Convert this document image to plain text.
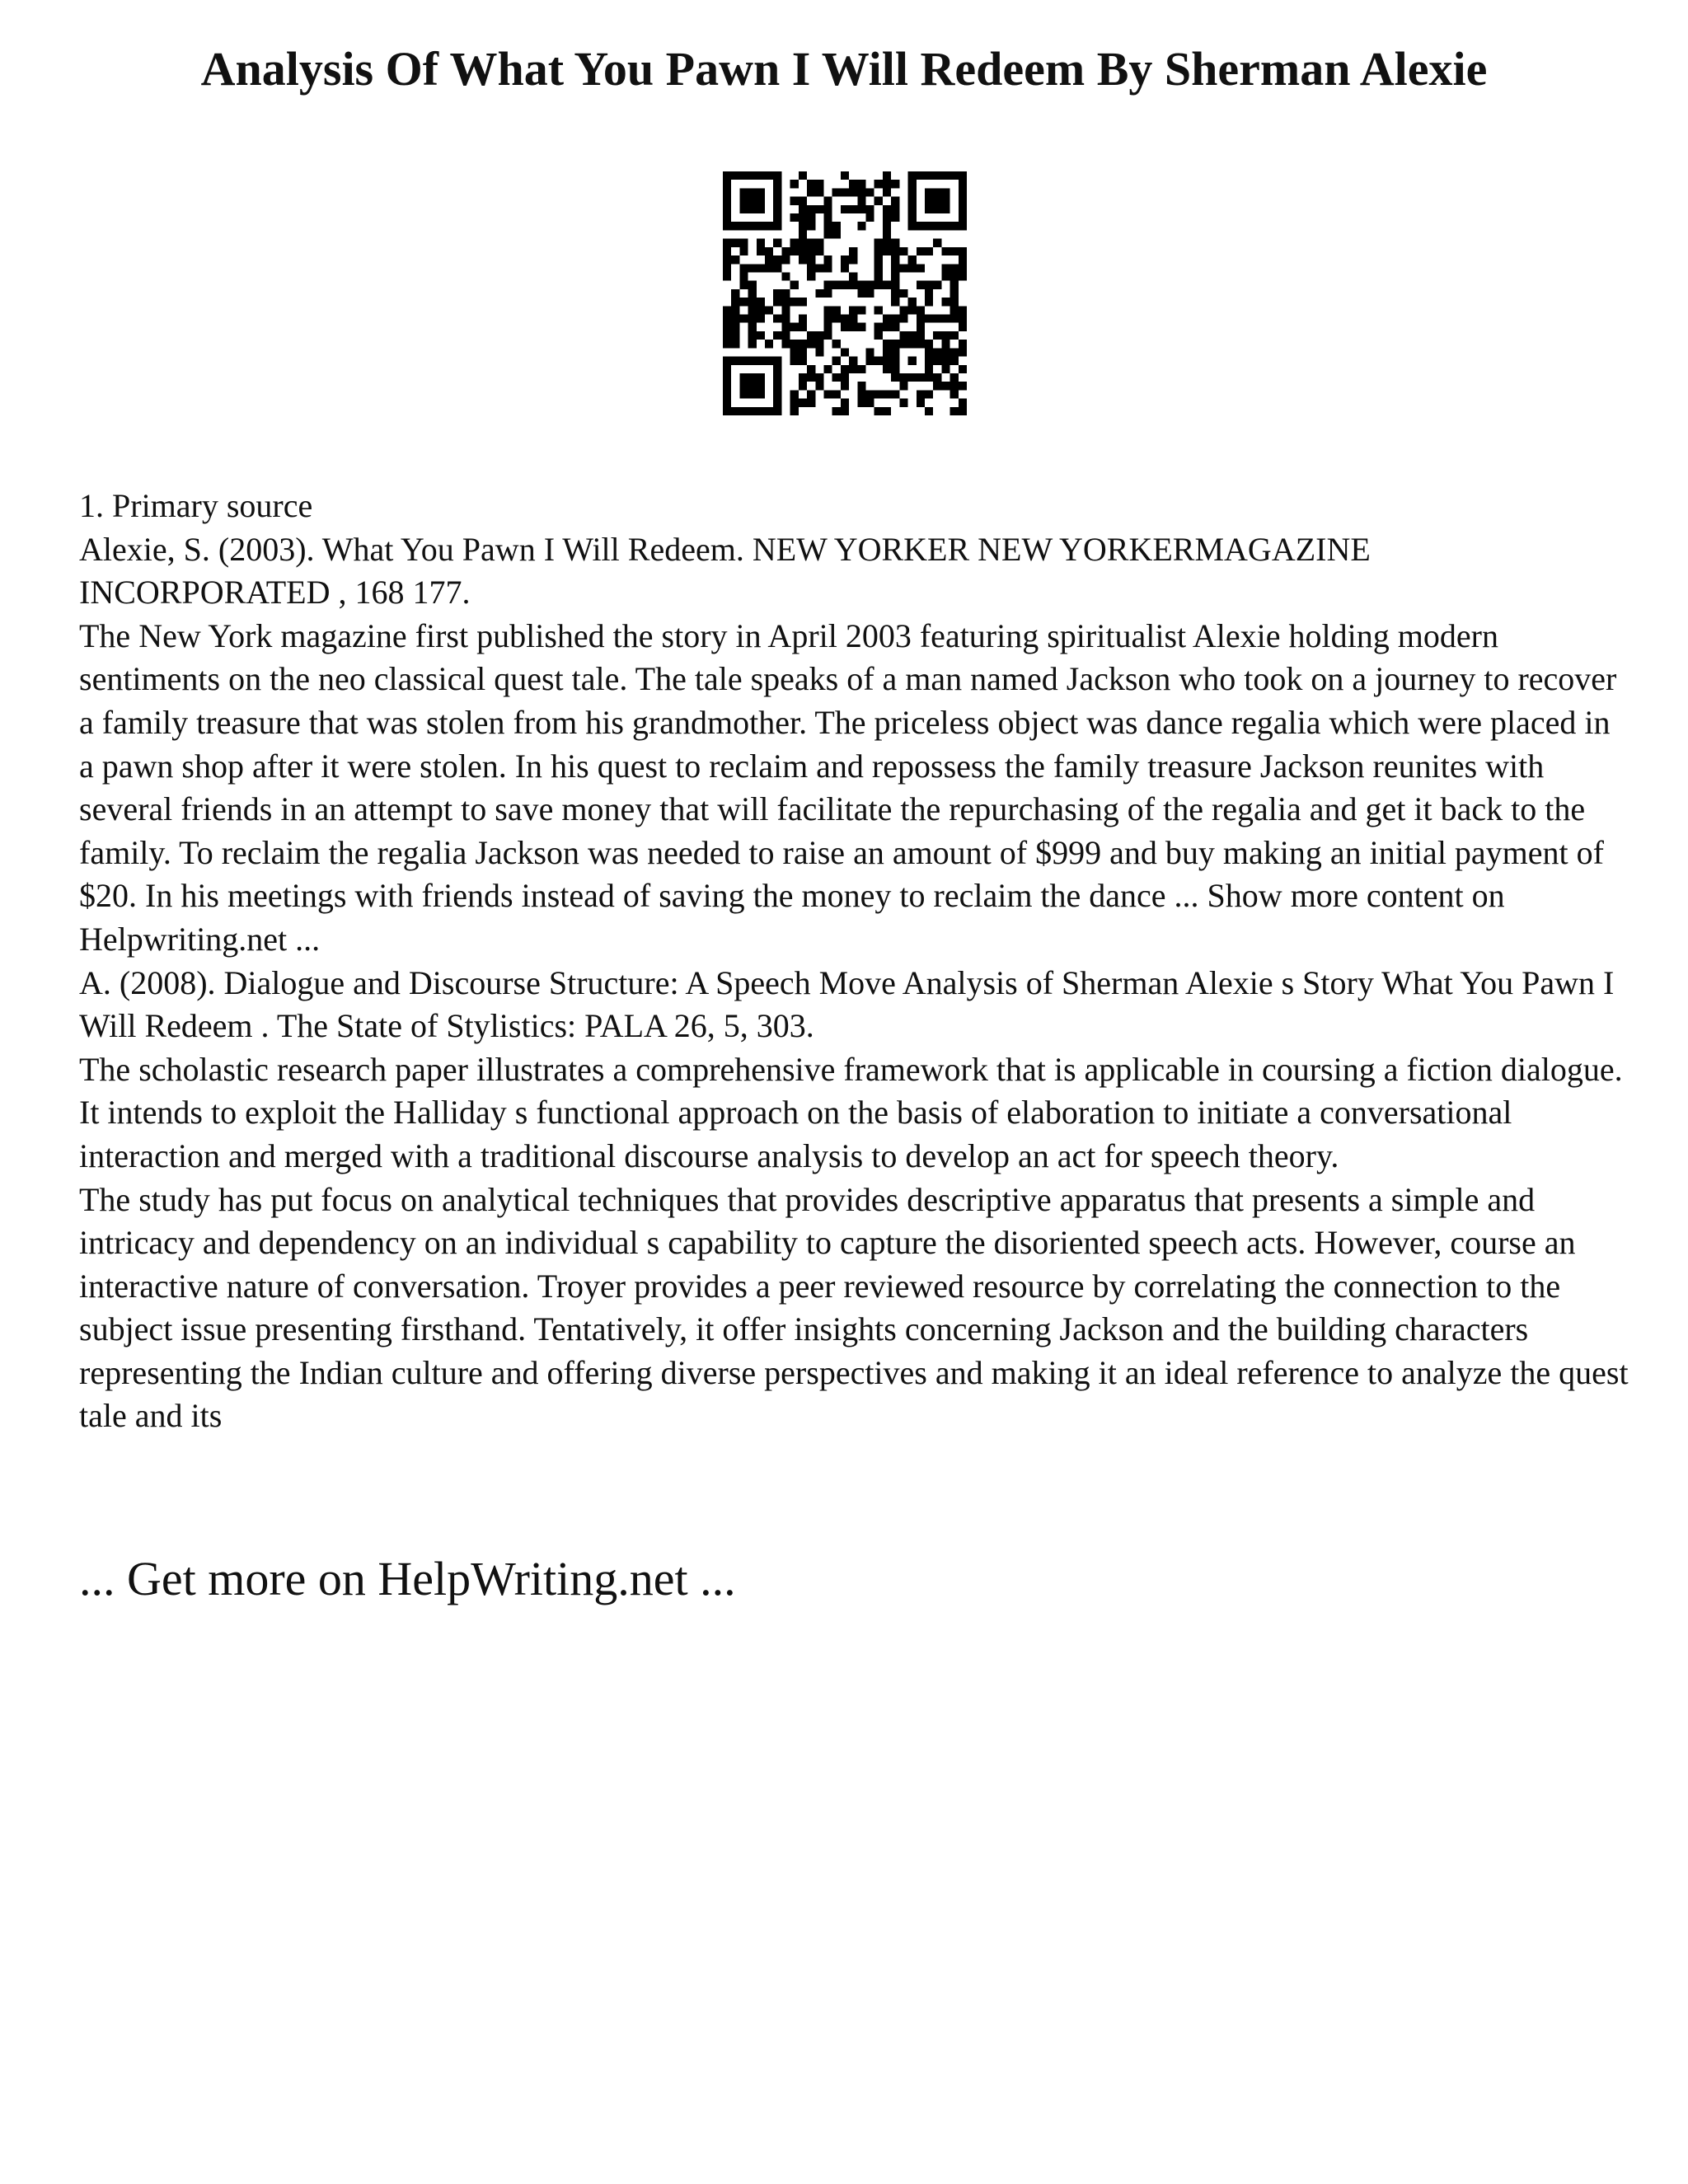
Analysis Of What You Pawn I Will Redeem By Sherman Alexie

1. Primary source

Alexie, S. (2003). What You Pawn I Will Redeem. NEW YORKER NEW YORKERMAGAZINE INCORPORATED , 168 177.

The New York magazine first published the story in April 2003 featuring spiritualist Alexie holding modern sentiments on the neo classical quest tale. The tale speaks of a man named Jackson who took on a journey to recover a family treasure that was stolen from his grandmother. The priceless object was dance regalia which were placed in a pawn shop after it were stolen. In his quest to reclaim and repossess the family treasure Jackson reunites with several friends in an attempt to save money that will facilitate the repurchasing of the regalia and get it back to the family. To reclaim the regalia Jackson was needed to raise an amount of $999 and buy making an initial payment of $20. In his meetings with friends instead of saving the money to reclaim the dance ... Show more content on Helpwriting.net ...

A. (2008). Dialogue and Discourse Structure: A Speech Move Analysis of Sherman Alexie s Story What You Pawn I Will Redeem . The State of Stylistics: PALA 26, 5, 303.

The scholastic research paper illustrates a comprehensive framework that is applicable in coursing a fiction dialogue. It intends to exploit the Halliday s functional approach on the basis of elaboration to initiate a conversational interaction and merged with a traditional discourse analysis to develop an act for speech theory.

The study has put focus on analytical techniques that provides descriptive apparatus that presents a simple and intricacy and dependency on an individual s capability to capture the disoriented speech acts. However, course an interactive nature of conversation. Troyer provides a peer reviewed resource by correlating the connection to the subject issue presenting firsthand. Tentatively, it offer insights concerning Jackson and the building characters representing the Indian culture and offering diverse perspectives and making it an ideal reference to analyze the quest tale and its

... Get more on HelpWriting.net ...
